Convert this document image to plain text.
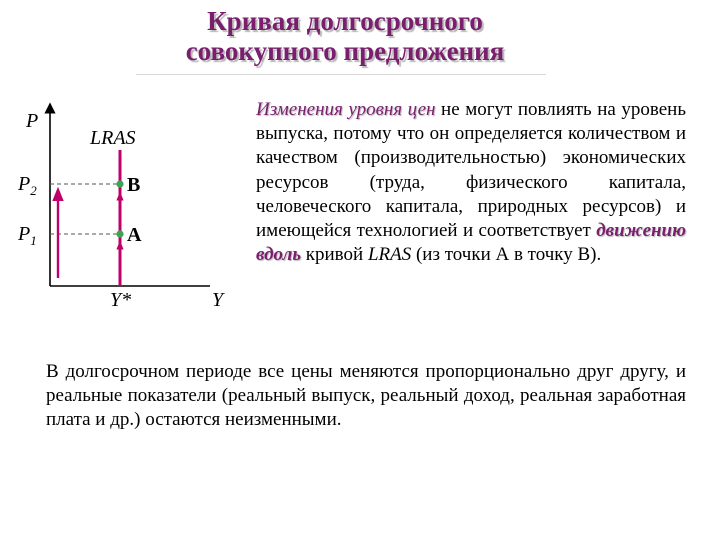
Кривая долгосрочного
совокупного предложения
P
Y
LRAS
$P_2$
$P_1$
B
A
Y*
Изменения уровня цен не могут повлиять на уровень выпуска, потому что он определяется количеством и качеством (производительностью) экономических ресурсов (труда, физического капитала, человеческого капитала, природных ресурсов) и имеющейся технологией и соответствует движению вдоль кривой LRAS (из точки А в точку В).
В долгосрочном периоде все цены меняются пропорционально друг другу, и реальные показатели (реальный выпуск, реальный доход, реальная заработная плата и др.) остаются неизменными.
